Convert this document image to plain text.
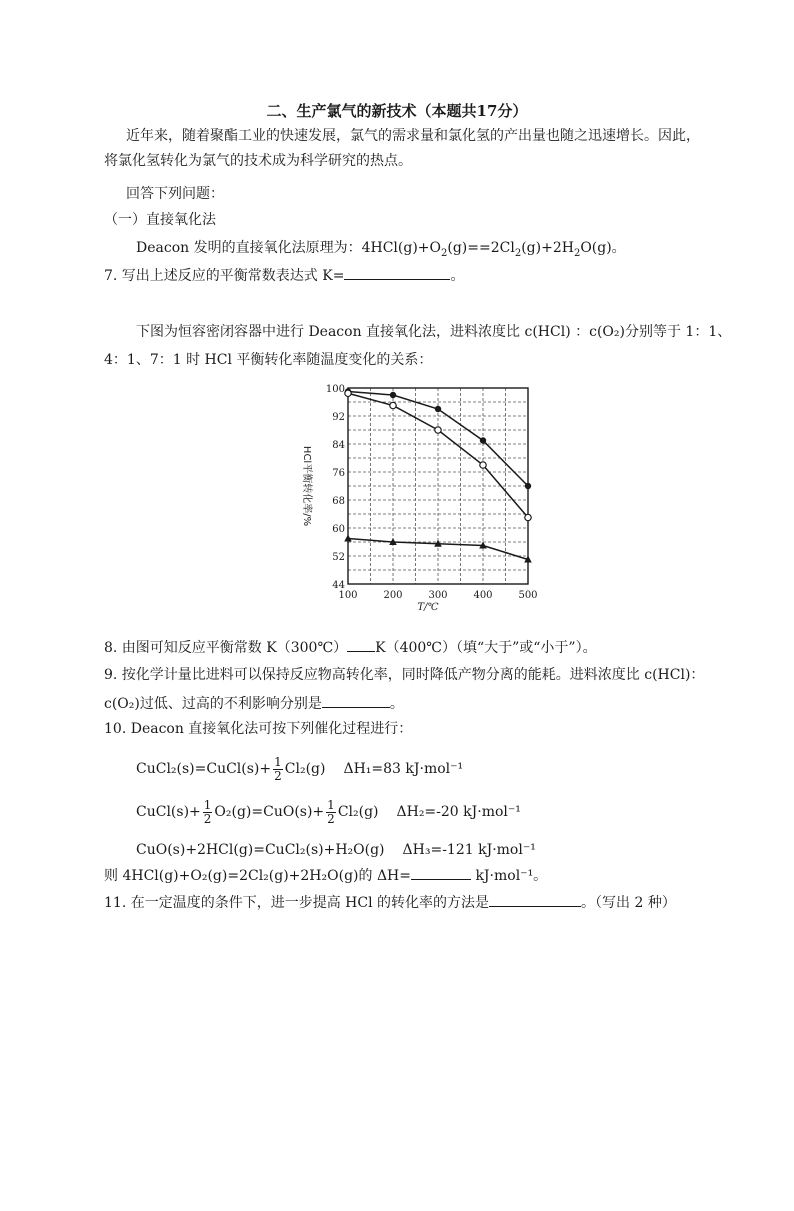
二、生产氯气的新技术（本题共17分）
近年来，随着聚酯工业的快速发展，氯气的需求量和氯化氢的产出量也随之迅速增长。因此，
将氯化氢转化为氯气的技术成为科学研究的热点。
回答下列问题：
（一）直接氧化法
Deacon 发明的直接氧化法原理为：$4HCl(g)+O_2(g)==2Cl_2(g)+2H_2O(g)$。
7. 写出上述反应的平衡常数表达式 K=	。
下图为恒容密闭容器中进行 Deacon 直接氧化法，进料浓度比 c(HCl) ：c(O₂)分别等于 1：1、
4：1、7：1 时 HCl 平衡转化率随温度变化的关系：
44
52
60
68
76
84
92
100
100	200	300	400	500
T/℃
HCl平衡转化率/%
8. 由图可知反应平衡常数 K（300℃） K（400℃）（填“大于”或“小于”）。
9. 按化学计量比进料可以保持反应物高转化率，同时降低产物分离的能耗。进料浓度比 c(HCl)：
c(O₂)过低、过高的不利影响分别是	。
10. Deacon 直接氧化法可按下列催化过程进行：
CuCl₂(s)=CuCl(s)+ $\frac{1}{2} Cl_2(g)$ ΔH₁=83 kJ·mol⁻¹
CuCl(s)+ $\frac{1}{2} O_2(g)=CuO(s)+ \frac{1}{2} Cl_2(g)$ ΔH₂=-20 kJ·mol⁻¹
CuO(s)+2HCl(g)=CuCl₂(s)+H₂O(g) ΔH₃=-121 kJ·mol⁻¹
则 4HCl(g)+O₂(g)=2Cl₂(g)+2H₂O(g)的 ΔH=	kJ·mol⁻¹。
11. 在一定温度的条件下，进一步提高 HCl 的转化率的方法是	。（写出 2 种）
